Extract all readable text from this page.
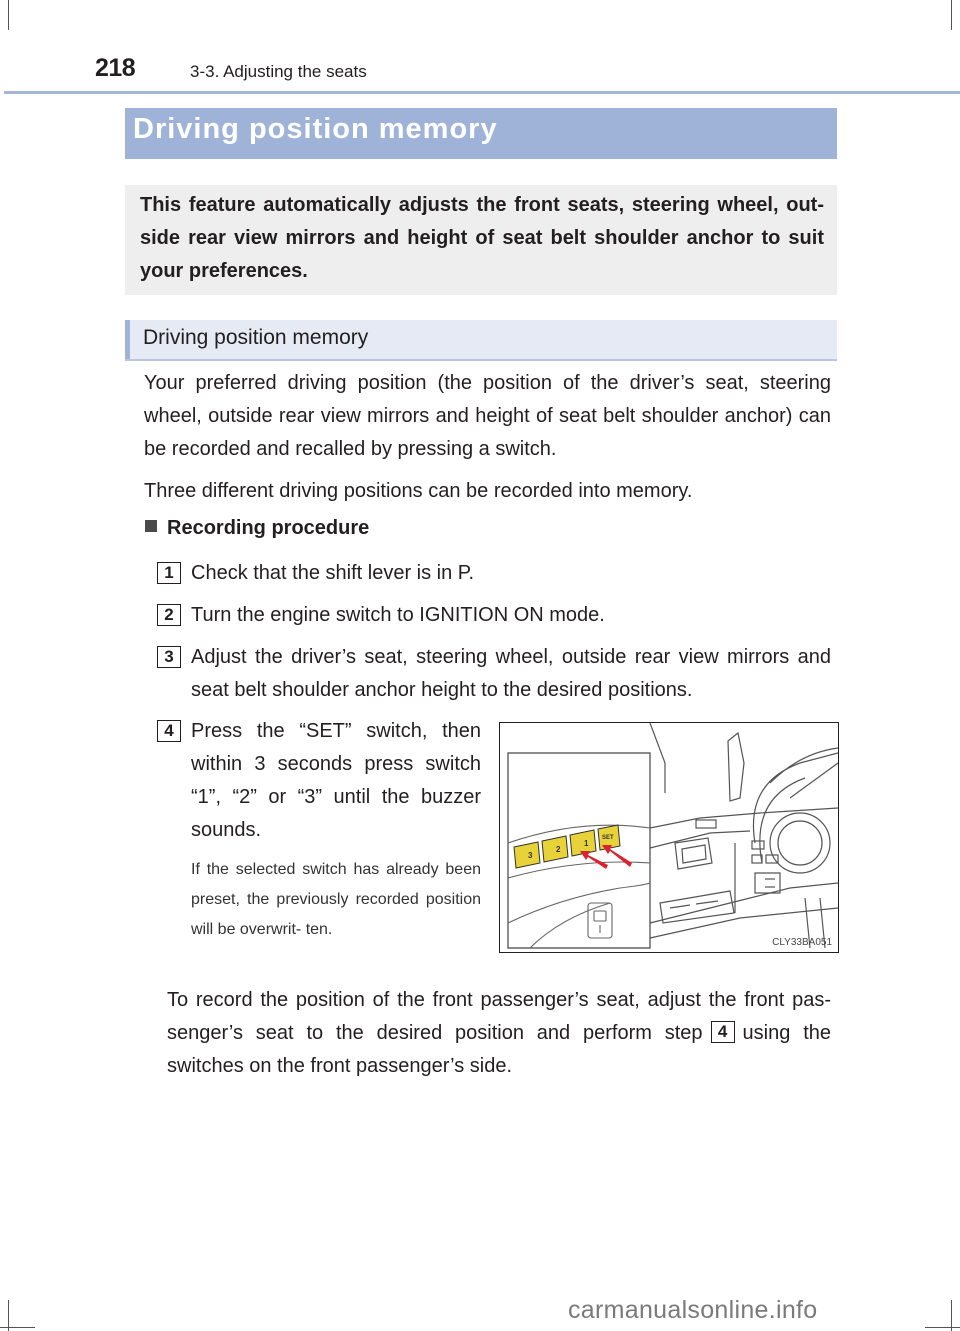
218	3-3. Adjusting the seats
Driving position memory
This feature automatically adjusts the front seats, steering wheel, out- side rear view mirrors and height of seat belt shoulder anchor to suit your preferences.
Driving position memory
Your preferred driving position (the position of the driver’s seat, steering wheel, outside rear view mirrors and height of seat belt shoulder anchor) can be recorded and recalled by pressing a switch.
Three different driving positions can be recorded into memory.
Recording procedure
1 Check that the shift lever is in P.
2 Turn the engine switch to IGNITION ON mode.
3 Adjust the driver’s seat, steering wheel, outside rear view mirrors and seat belt shoulder anchor height to the desired positions.
4 Press the “SET” switch, then within 3 seconds press switch “1”, “2” or “3” until the buzzer sounds.
If the selected switch has already been preset, the previously recorded position will be overwrit- ten.
3
2
1
SET
CLY33BA051
To record the position of the front passenger’s seat, adjust the front pas- senger’s seat to the desired position and perform step 4 using the switches on the front passenger’s side.
carmanualsonline.info
